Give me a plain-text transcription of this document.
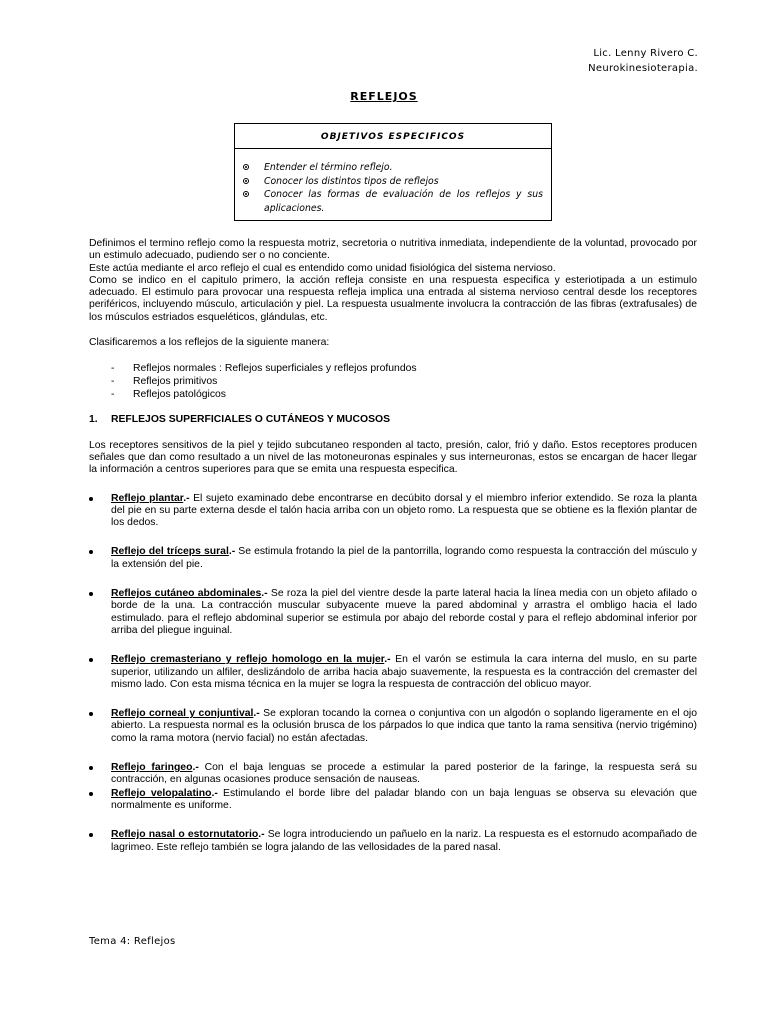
Lic. Lenny Rivero C.
Neurokinesioterapia.
REFLEJOS
OBJETIVOS ESPECIFICOS
Entender el término reflejo.
Conocer los distintos tipos de reflejos
Conocer las formas de evaluación de los reflejos y sus aplicaciones.

Definimos el termino reflejo como la respuesta motriz, secretoria o nutritiva inmediata, independiente de la voluntad, provocado por un estimulo adecuado, pudiendo ser o no conciente.

Este actúa mediante el arco reflejo el cual es entendido como unidad fisiológica del sistema nervioso.

Como se indico en el capitulo primero, la acción refleja consiste en una respuesta especifica y esteriotipada a un estimulo adecuado. El estimulo para provocar una respuesta refleja implica una entrada al sistema nervioso central desde los receptores periféricos, incluyendo músculo, articulación y piel. La respuesta usualmente involucra la contracción de las fibras (extrafusales) de los músculos estriados esqueléticos, glándulas, etc.

Clasificaremos a los reflejos de la siguiente manera:

- Reflejos normales : Reflejos superficiales y reflejos profundos
- Reflejos primitivos
- Reflejos patológicos

1. REFLEJOS SUPERFICIALES O CUTÁNEOS Y MUCOSOS

Los receptores sensitivos de la piel y tejido subcutaneo responden al tacto, presión, calor, frió y daño. Estos receptores producen señales que dan como resultado a un nivel de las motoneuronas espinales y sus interneuronas, estos se encargan de hacer llegar la información a centros superiores para que se emita una respuesta especifica.

Reflejo plantar.- El sujeto examinado debe encontrarse en decúbito dorsal y el miembro inferior extendido. Se roza la planta del pie en su parte externa desde el talón hacia arriba con un objeto romo. La respuesta que se obtiene es la flexión plantar de los dedos.

Reflejo del tríceps sural.- Se estimula frotando la piel de la pantorrilla, logrando como respuesta la contracción del músculo y la extensión del pie.

Reflejos cutáneo abdominales.- Se roza la piel del vientre desde la parte lateral hacia la línea media con un objeto afilado o borde de la una. La contracción muscular subyacente mueve la pared abdominal y arrastra el ombligo hacia el lado estimulado. para el reflejo abdominal superior se estimula por abajo del reborde costal y para el reflejo abdominal inferior por arriba del pliegue inguinal.

Reflejo cremasteriano y reflejo homologo en la mujer.- En el varón se estimula la cara interna del muslo, en su parte superior, utilizando un alfiler, deslizándolo de arriba hacia abajo suavemente, la respuesta es la contracción del cremaster del mismo lado. Con esta misma técnica en la mujer se logra la respuesta de contracción del oblicuo mayor.

Reflejo corneal y conjuntival.- Se exploran tocando la cornea o conjuntiva con un algodón o soplando ligeramente en el ojo abierto. La respuesta normal es la oclusión brusca de los párpados lo que indica que tanto la rama sensitiva (nervio trigémino) como la rama motora (nervio facial) no están afectadas.

Reflejo faringeo.- Con el baja lenguas se procede a estimular la pared posterior de la faringe, la respuesta será su contracción, en algunas ocasiones produce sensación de nauseas.

Reflejo velopalatino.- Estimulando el borde libre del paladar blando con un baja lenguas se observa su elevación que normalmente es uniforme.

Reflejo nasal o estornutatorio.- Se logra introduciendo un pañuelo en la nariz. La respuesta es el estornudo acompañado de lagrimeo. Este reflejo también se logra jalando de las vellosidades de la pared nasal.

Tema 4: Reflejos
